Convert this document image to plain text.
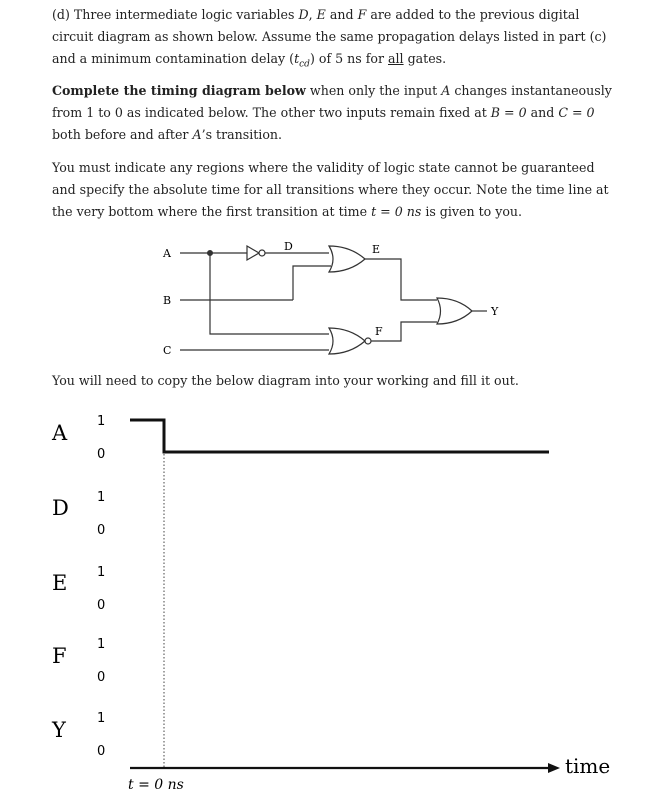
(d) Three intermediate logic variables D, E and F are added to the previous digital circuit diagram as shown below. Assume the same propagation delays listed in part (c) and a minimum contamination delay $(t_{cd})$ of 5 ns for all gates.

Complete the timing diagram below when only the input A changes instantaneously from 1 to 0 as indicated below. The other two inputs remain fixed at B = 0 and C = 0 both before and after A’s transition.

You must indicate any regions where the validity of logic state cannot be guaranteed and specify the absolute time for all transitions where they occur. Note the time line at the very bottom where the first transition at time t = 0 ns is given to you.

A
B
C
D	E
F
Y

You will need to copy the below diagram into your working and fill it out.

A
D
E
F
Y
1
0
1
0
1
0
1
0
1
0
time
t = 0 ns
